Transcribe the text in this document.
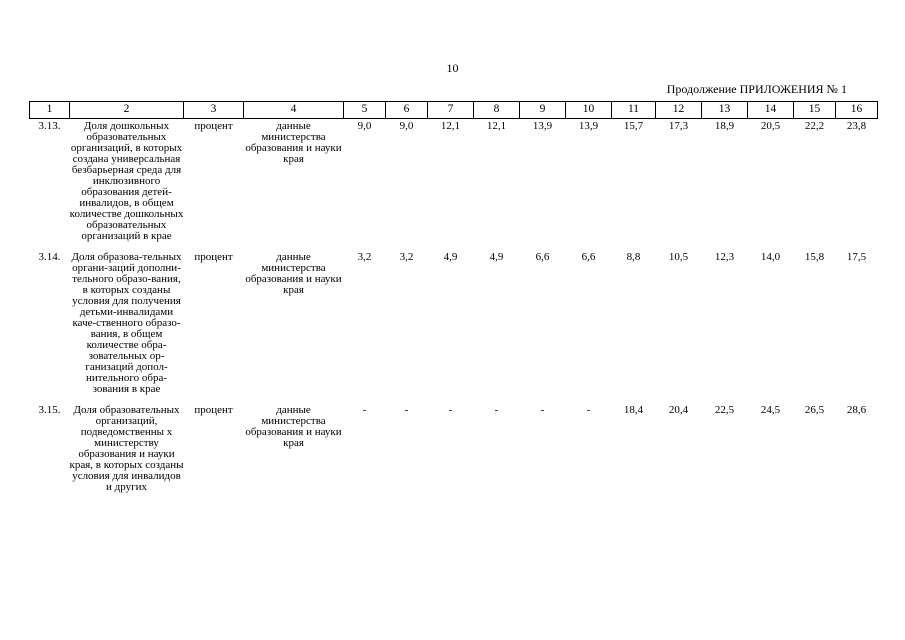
10
Продолжение ПРИЛОЖЕНИЯ № 1
1	2	3	4	5	6	7	8	9	10	11	12	13	14	15	16
3.13.	Доля дошкольных образовательных организаций, в которых создана универсальная безбарьерная среда для инклюзивного образования детей-инвалидов, в общем количестве дошкольных образовательных организаций в крае	процент	данные министерства образования и науки края	9,0	9,0	12,1	12,1	13,9	13,9	15,7	17,3	18,9	20,5	22,2	23,8
3.14.	Доля образова-тельных органи-заций дополни-тельного образо-вания, в которых созданы условия для получения детьми-инвалидами каче-ственного образо-вания, в общем количестве обра-зовательных ор-ганизаций допол-нительного обра-зования в крае	процент	данные министерства образования и науки края	3,2	3,2	4,9	4,9	6,6	6,6	8,8	10,5	12,3	14,0	15,8	17,5
3.15.	Доля образовательных организаций, подведомственны х министерству образования и науки края, в которых созданы условия для инвалидов и других	процент	данные министерства образования и науки края	-	-	-	-	-	-	18,4	20,4	22,5	24,5	26,5	28,6
